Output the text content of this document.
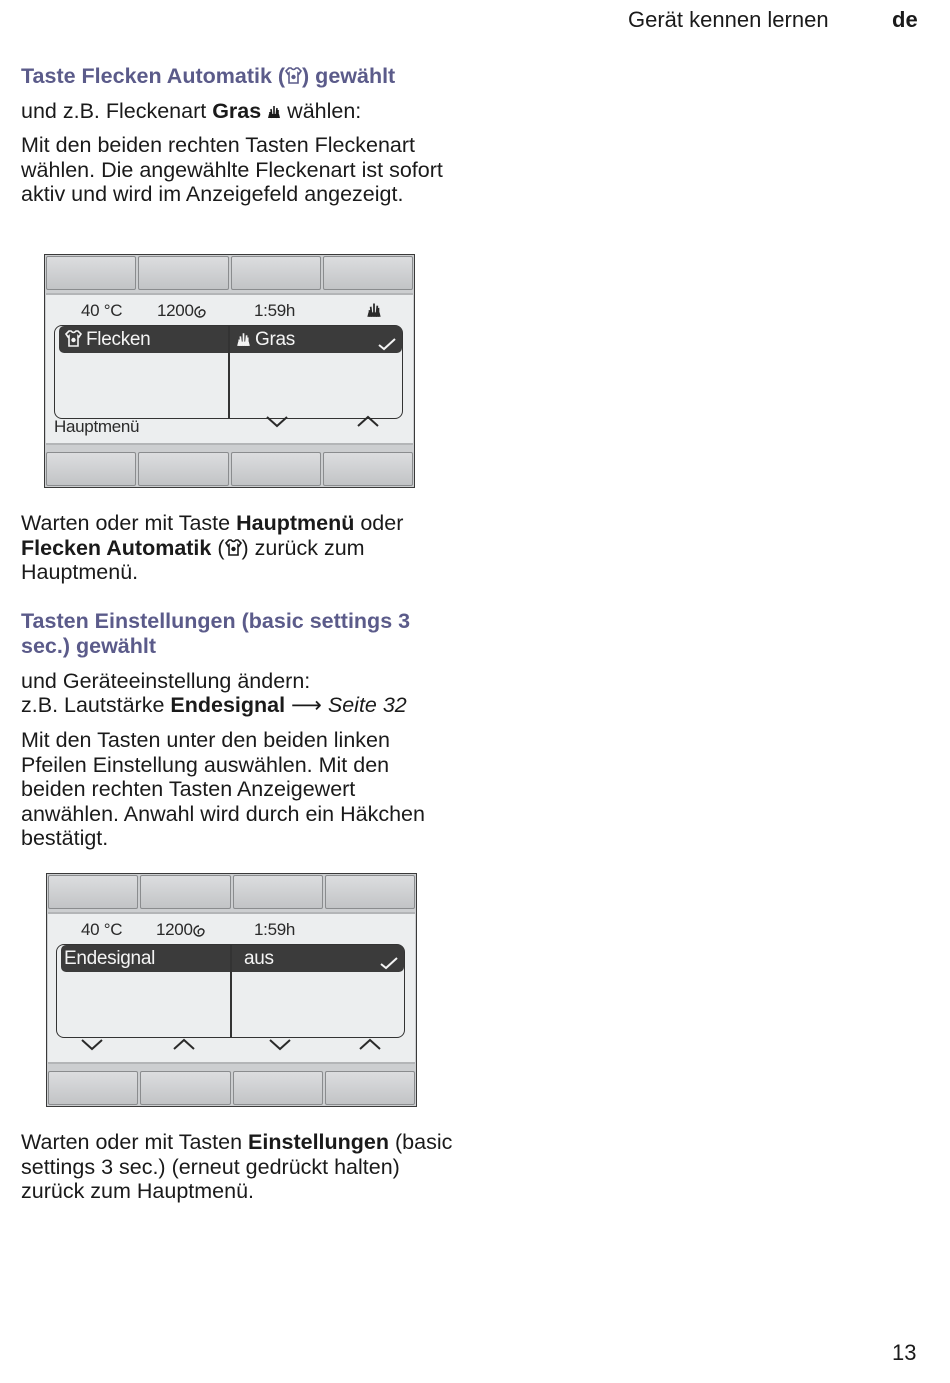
Gerät kennen lernen	de
Taste Flecken Automatik ( ) gewählt

und z.B. Fleckenart Gras
wählen:

Mit den beiden rechten Tasten Fleckenart wählen. Die angewählte Fleckenart ist sofort aktiv und wird im Anzeigefeld angezeigt.

40 °C 1200	1:59h
Flecken	Gras
Hauptmenü

Warten oder mit Taste Hauptmenü oder Flecken Automatik ( ) zurück zum Hauptmenü.

Tasten Einstellungen (basic settings 3 sec.) gewählt

und Geräteeinstellung ändern:

z.B. Lautstärke Endesignal ⟶ Seite 32

Mit den Tasten unter den beiden linken Pfeilen Einstellung auswählen. Mit den beiden rechten Tasten Anzeigewert anwählen. Anwahl wird durch ein Häkchen bestätigt.

40 °C 1200	1:59h
Endesignal	aus

Warten oder mit Tasten Einstellungen (basic settings 3 sec.) (erneut gedrückt halten) zurück zum Hauptmenü.

13
